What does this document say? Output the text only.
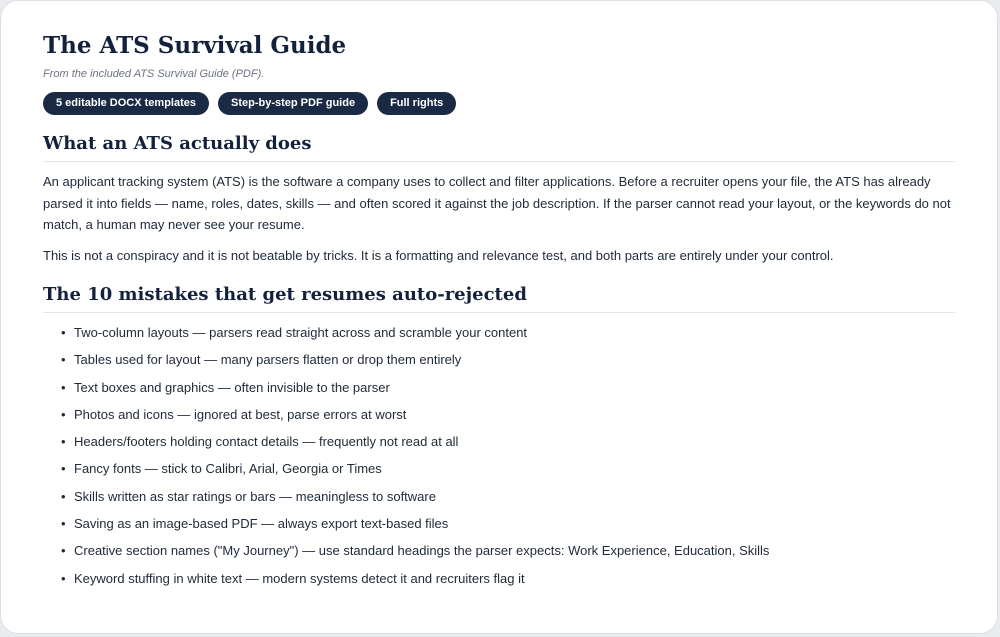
The ATS Survival Guide
From the included ATS Survival Guide (PDF).
5 editable DOCX templates	Step-by-step PDF guide	Full rights
What an ATS actually does

An applicant tracking system (ATS) is the software a company uses to collect and filter applications. Before a recruiter opens your file, the ATS has already parsed it into fields — name, roles, dates, skills — and often scored it against the job description. If the parser cannot read your layout, or the keywords do not match, a human may never see your resume.

This is not a conspiracy and it is not beatable by tricks. It is a formatting and relevance test, and both parts are entirely under your control.

The 10 mistakes that get resumes auto-rejected
• Two-column layouts — parsers read straight across and scramble your content
• Tables used for layout — many parsers flatten or drop them entirely
• Text boxes and graphics — often invisible to the parser
• Photos and icons — ignored at best, parse errors at worst
• Headers/footers holding contact details — frequently not read at all
• Fancy fonts — stick to Calibri, Arial, Georgia or Times
• Skills written as star ratings or bars — meaningless to software
• Saving as an image-based PDF — always export text-based files
• Creative section names ("My Journey") — use standard headings the parser expects: Work Experience, Education, Skills
• Keyword stuffing in white text — modern systems detect it and recruiters flag it
